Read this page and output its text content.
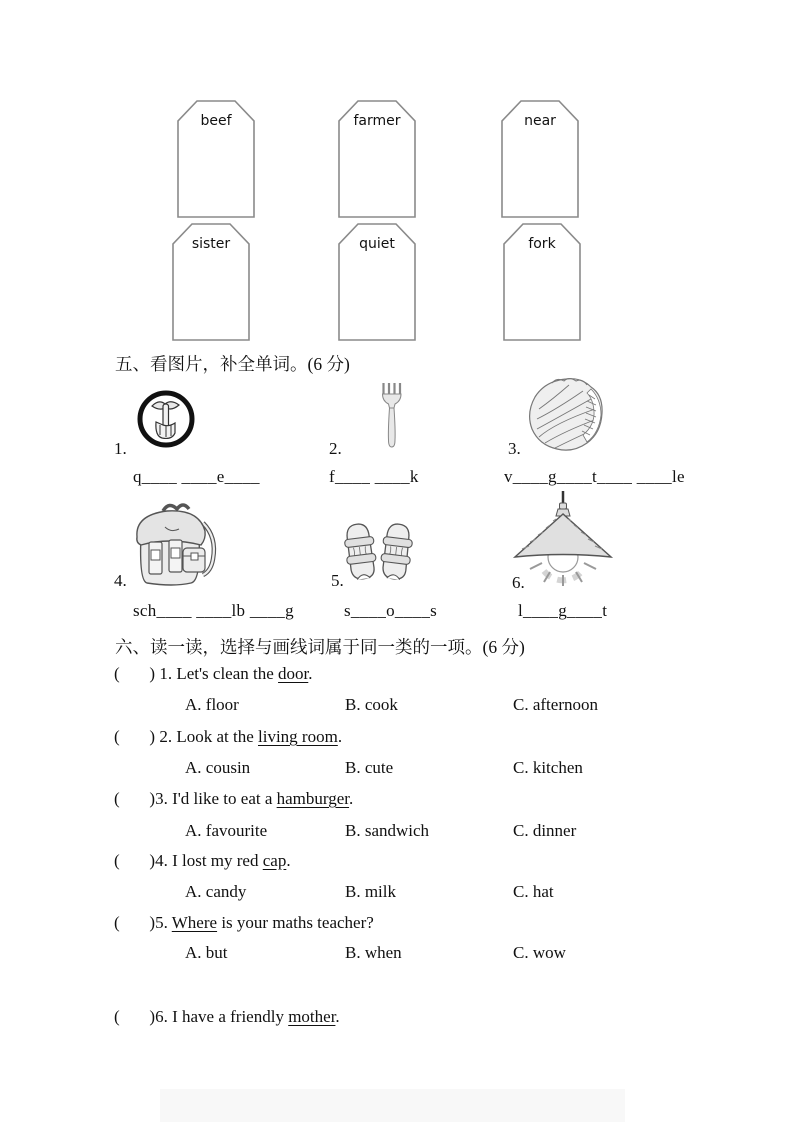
beef	farmer	near
sister	quiet	fork
五、看图片，补全单词。(6 分)
1.
q____ ____e____
2.
f____ ____k
3.
v____g____t____ ____le
4.
sch____ ____lb ____g
5.
s____o____s
6.
l____g____t
六、读一读，选择与画线词属于同一类的一项。(6 分)
(       ) 1. Let's clean the door.
A. floor	B. cook	C. afternoon
(       ) 2. Look at the living room.
A. cousin	B. cute	C. kitchen
(       )3. I'd like to eat a hamburger.
A. favourite	B. sandwich	C. dinner
(       )4. I lost my red cap.
A. candy	B. milk	C. hat
(       )5. Where is your maths teacher?
A. but	B. when	C. wow
(       )6. I have a friendly mother.
